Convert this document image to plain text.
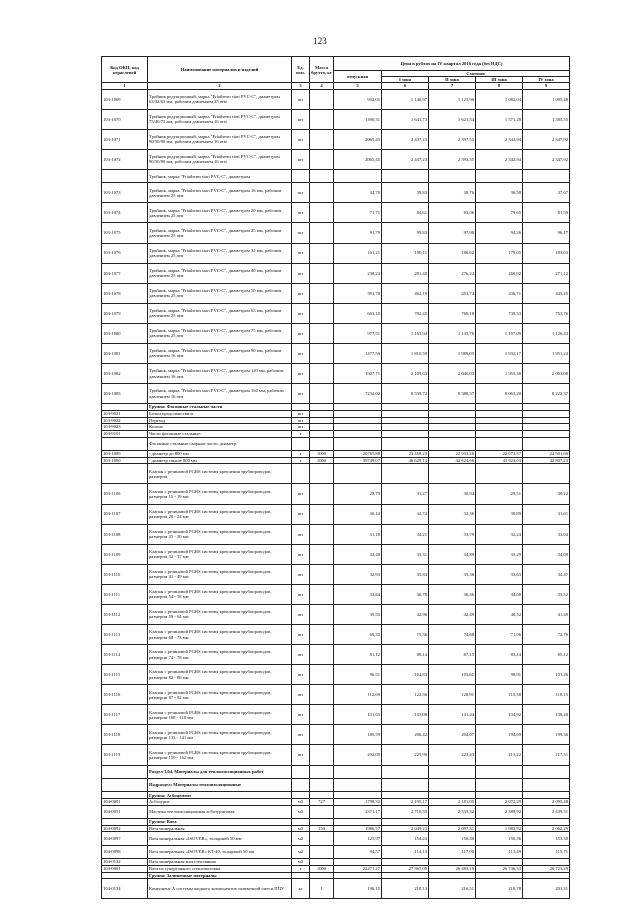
123
Код ОКП, код отраслевой	Наименование материалов и изделий	Ед. изм.	Масса брутто, кг	Цена в рублях на IV квартал 2016 года (без НДС)				
				отпускная	Сметная			
					I зона	II зона	III зона	IV зона
1	2	3	4	5	6	7	8	9
103-1069	Тройник редукционный, марка "Friatherm stari PVC-C", диаметром 63/32/63 мм, рабочим давлением 25 атм	шт		932,01	1 146,97	1 125,96	1 082,04	1 095,48
103-1070	Тройник редукционный, марка "Friatherm stari PVC-C", диаметром 75/40/75 мм, рабочим давлением 16 атм	шт		1390,31	1 641,73	1 621,54	1 571,28	1 585,55
103-1071	Тройник редукционный, марка "Friatherm stari PVC-C", диаметром 90/50/90 мм, рабочим давлением 16 атм	шт		2065,45	2 437,23	2 397,55	2 342,94	2 347,92
103-1072	Тройник редукционный, марка "Friatherm stari PVC-C", диаметром 90/50/90 мм, рабочим давлением 16 атм	шт		2065,45	2 437,23	2 393,55	2 342,94	2 347,92
	Тройник, марка "Friatherm stari PVC-C", диаметром							
103-1073	Тройник, марка "Friatherm stari PVC-C", диаметром 16 мм, рабочим давлением 25 атм	шт		34,70	39,83	38,76	36,58	37,67
103-1074	Тройник, марка "Friatherm stari PVC-C", диаметром 20 мм, рабочим давлением 25 атм	шт		71,71	84,61	83,06	79,65	81,59
103-1075	Тройник, марка "Friatherm stari PVC-C", диаметром 25 мм, рабочим давлением 25 атм	шт		91,79	99,83	97,98	94,26	96,17
103-1076	Тройник, марка "Friatherm stari PVC-C", диаметром 32 мм, рабочим давлением 25 атм	шт		161,21	190,11	186,62	179,05	183,03
103-1077	Тройник, марка "Friatherm stari PVC-C", диаметром 40 мм, рабочим давлением 25 атм	шт		238,24	281,40	276,24	266,92	271,12
103-1078	Тройник, марка "Friatherm stari PVC-C", диаметром 50 мм, рабочим давлением 25 атм	шт		391,70	462,19	453,74	436,71	445,25
103-1079	Тройник, марка "Friatherm stari PVC-C", диаметром 63 мм, рабочим давлением 25 атм	шт		663,10	782,45	768,18	739,33	753,76
103-1080	Тройник, марка "Friatherm stari PVC-C", диаметром 75 мм, рабочим давлением 25 атм	шт		977,51	1 165,94	1 145,76	1 107,09	1 126,43
103-1081	Тройник, марка "Friatherm stari PVC-C", диаметром 90 мм, рабочим давлением 16 атм	шт		1477,59	1 810,59	1 989,05	1 932,17	1 951,24
103-1082	Тройник, марка "Friatherm stari PVC-C", диаметром 110 мм, рабочим давлением 16 атм	шт		1907,71	2 109,63	2 040,03	1 955,38	2 003,08
103-1083	Тройник, марка "Friatherm stari PVC-C", диаметром 160 мм, рабочим давлением 16 атм	шт		7234,02	8 539,72	8 388,37	8 063,20	8 222,37
	Группа: Фасонные стальные части							
103-9021	Бочки продольносвилт	шт						
103-9022	Переход	шт						
103-9023	Колено	шт						
103-9101	Части фасонные стальные:	т						
	Фасонные стальные сварные части, диаметр							
103-1089	- диаметр до 800 мм	т	1000	20765,88	23 458,23	22 933,26	22 073,37	22 501,66
103-1090	- диаметр свыше 800 мм	т	1000	39749,07	46 629,14	42 624,66	41 923,03	42 807,23
	Клапан с резиновой FGRS системы крепления трубопроводов, размером							
103-1106	Клапан с резиновой FGRS системы крепления трубопроводов, размером 15 - 19 мм	шт		28,79	31,27	30,94	29,51	30,22
103-1107	Клапан с резиновой FGRS системы крепления трубопроводов, размером 20 - 24 мм	шт		30,14	32,74	32,36	30,89	31,61
103-1108	Клапан с резиновой FGRS системы крепления трубопроводов, размером 25 - 30 мм	шт		31,18	34,21	33,79	32,24	33,04
103-1109	Клапан с резиновой FGRS системы крепления трубопроводов, размером 32 - 37 мм	шт		32,40	35,31	34,89	33,29	34,09
103-1110	Клапан с резиновой FGRS системы крепления трубопроводов, размером 41 - 49 мм	шт		32,93	35,84	35,36	33,63	34,47
103-1111	Клапан с резиновой FGRS системы крепления трубопроводов, размером 54 - 58 мм	шт		33,84	36,78	36,36	34,68	35,52
103-1112	Клапан с резиновой FGRS системы крепления трубопроводов, размером 59 - 64 мм	шт		39,55	42,96	42,49	40,52	41,49
103-1113	Клапан с резиновой FGRS системы крепления трубопроводов, размером 68 - 73 мм	шт		69,35	75,36	74,48	71,06	72,76
103-1114	Клапан с резиновой FGRS системы крепления трубопроводов, размером 74 - 78 мм	шт		81,12	88,14	87,15	83,14	85,12
103-1115	Клапан с резиновой FGRS системы крепления трубопроводов, размером 82 - 86 мм	шт		96,51	104,83	103,65	98,91	101,26
103-1116	Клапан с резиновой FGRS системы крепления трубопроводов, размером 87 - 92 мм	шт		112,69	122,36	120,91	115,38	118,15
103-1117	Клапан с резиновой FGRS системы крепления трубопроводов, размером 108 - 118 мм	шт		131,65	143,08	141,44	134,92	138,20
103-1118	Клапан с резиновой FGRS системы крепления трубопроводов, размером 133 - 141 мм	шт		189,59	206,42	204,07	194,69	199,36
103-1119	Клапан с резиновой FGRS системы крепления трубопроводов, размером 159 - 162 мм	шт		202,09	225,90	223,43	213,22	217,51
	Раздел 1.04. Материалы для теплоизоляционных работ							
	Подраздел: Материалы теплоизоляционные							
	Группа: Асбоцемент							
104-0001	Асбозурит	м3	727	1798,32	2 195,17	2 181,05	2 072,29	2 095,48
104-0051	Мастика теплоизоляционная асбозуритовая	м3		2371,17	2 710,35	2 535,32	2 389,92	2 439,31
	Группа: Вата							
104-0092	Вата минеральная	м3	150	1986,57	2 049,23	2 097,31	1 983,92	2 062,29
104-0097	Вата минеральная «ISOVER», толщиной 50 мм	м2		125,97	154,24	156,40	150,36	153,30
104-0098	Вата минеральная «ISOVER» KT-40, толщиной 50 мм	м2		94,57	114,13	117,00	113,49	115,71
104-0132	Вата минеральная или стеклянная	м3						
104-0061	Вата из супертонкого стекловолокна	т	1000	22471,27	27 367,09	26 483,19	26 736,33	26 723,29
	Группа: Заливочные материалы							
104-0134	Компонент А системы жидкого компонентов заливочной смеси ППУ	кг	1	196,15	210,13	216,51	210,78	201,31
